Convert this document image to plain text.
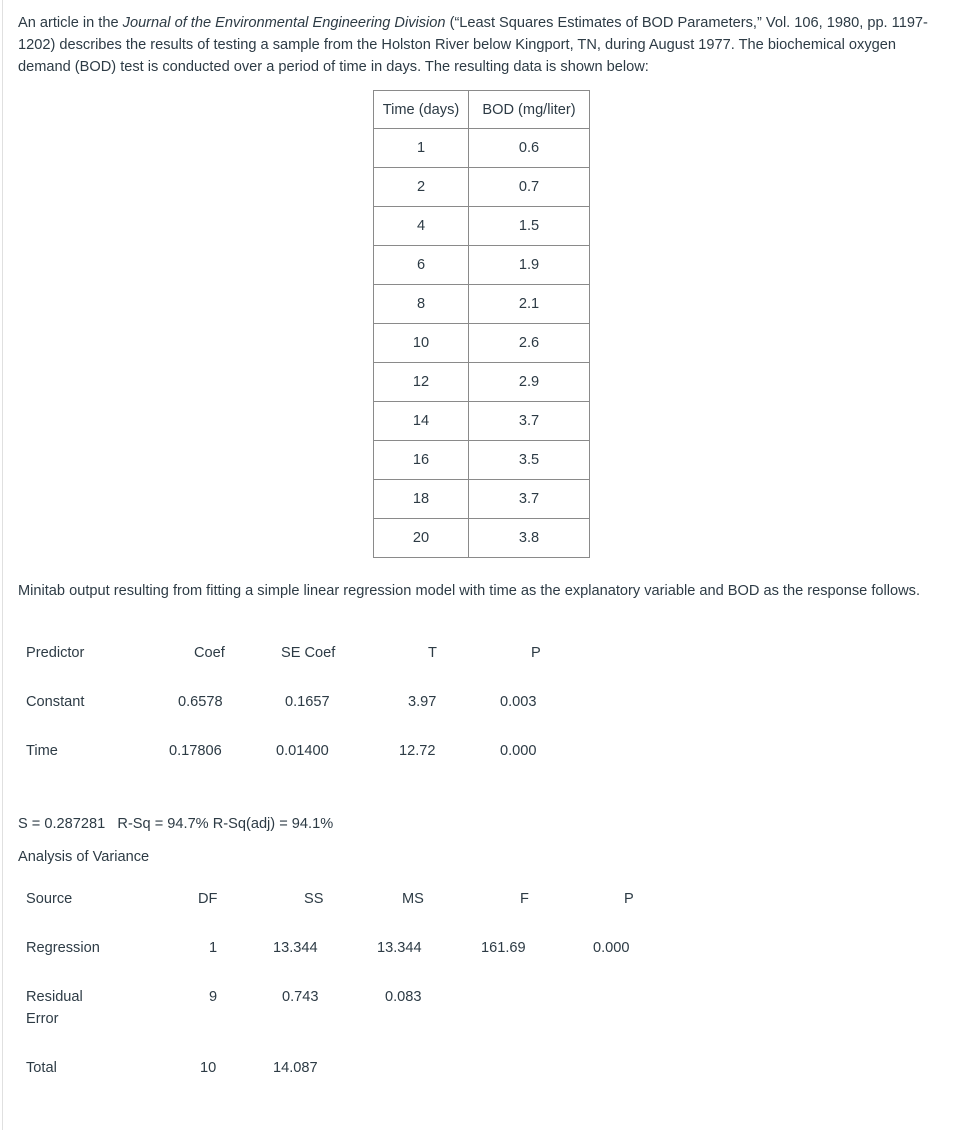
An article in the Journal of the Environmental Engineering Division (“Least Squares Estimates of BOD Parameters,” Vol. 106, 1980, pp. 1197-1202) describes the results of testing a sample from the Holston River below Kingport, TN, during August 1977. The biochemical oxygen demand (BOD) test is conducted over a period of time in days. The resulting data is shown below:

Time (days)	BOD (mg/liter)
1	0.6
2	0.7
4	1.5
6	1.9
8	2.1
10	2.6
12	2.9
14	3.7
16	3.5
18	3.7
20	3.8

Minitab output resulting from fitting a simple linear regression model with time as the explanatory variable and BOD as the response follows.

Predictor	Coef	SE Coef	T	P
Constant	0.6578	0.1657	3.97	0.003
Time	0.17806	0.01400	12.72	0.000
S = 0.287281   R-Sq = 94.7% R-Sq(adj) = 94.1%
Analysis of Variance
Source	DF	SS	MS	F	P
Regression	1	13.344	13.344	161.69	0.000
Residual
Error
9	0.743	0.083
Total	10	14.087
